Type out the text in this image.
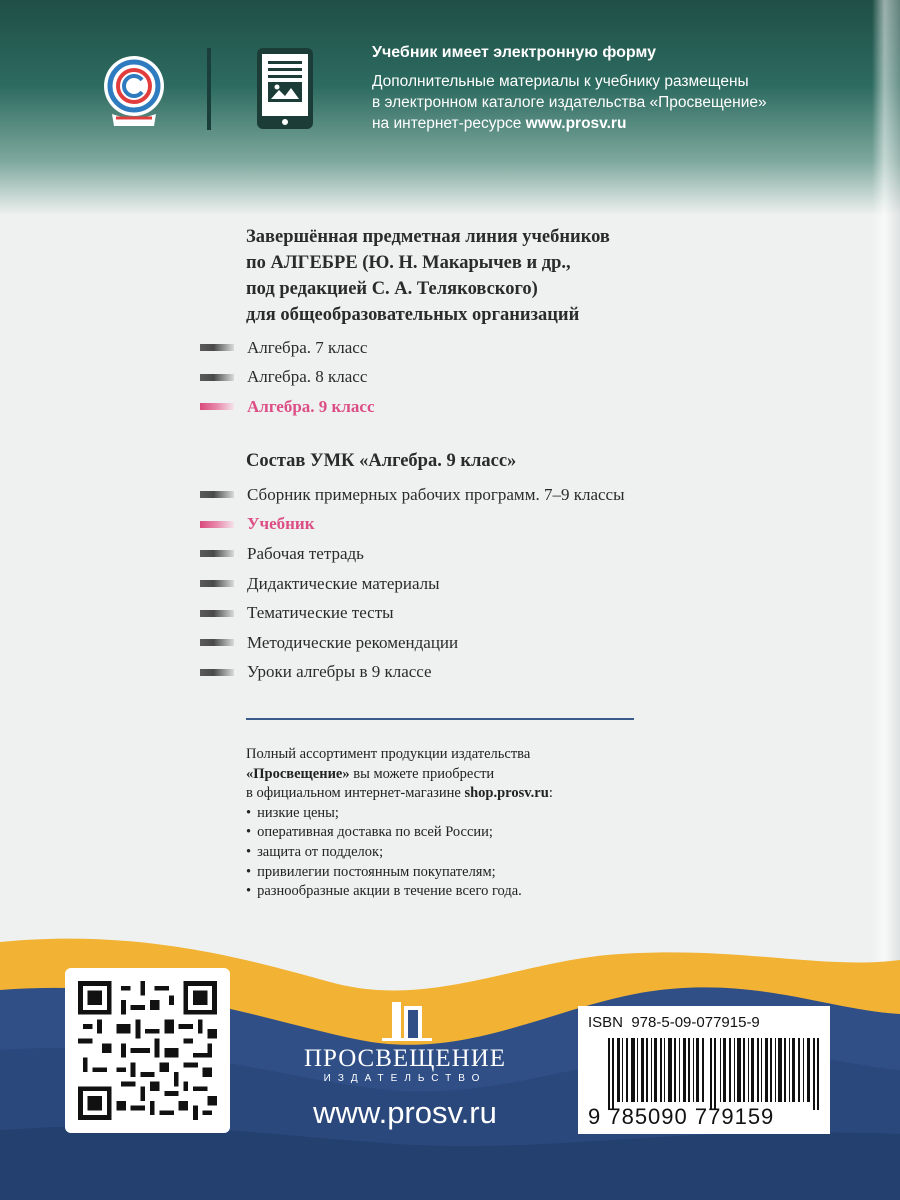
Учебник имеет электронную форму
Дополнительные материалы к учебнику размещены
в электронном каталоге издательства «Просвещение»
на интернет-ресурсе www.prosv.ru
Завершённая предметная линия учебников
по АЛГЕБРЕ (Ю. Н. Макарычев и др.,
под редакцией С. А. Теляковского)
для общеобразовательных организаций
Алгебра. 7 класс
Алгебра. 8 класс
Алгебра. 9 класс
Состав УМК «Алгебра. 9 класс»
Сборник примерных рабочих программ. 7–9 классы
Учебник
Рабочая тетрадь
Дидактические материалы
Тематические тесты
Методические рекомендации
Уроки алгебры в 9 классе
Полный ассортимент продукции издательства
«Просвещение» вы можете приобрести
в официальном интернет-магазине shop.prosv.ru:
• низкие цены;
• оперативная доставка по всей России;
• защита от подделок;
• привилегии постоянным покупателям;
• разнообразные акции в течение всего года.
ПРОСВЕЩЕНИЕ
ИЗДАТЕЛЬСТВО
www.prosv.ru
ISBN  978-5-09-077915-9
9 785090 779159
